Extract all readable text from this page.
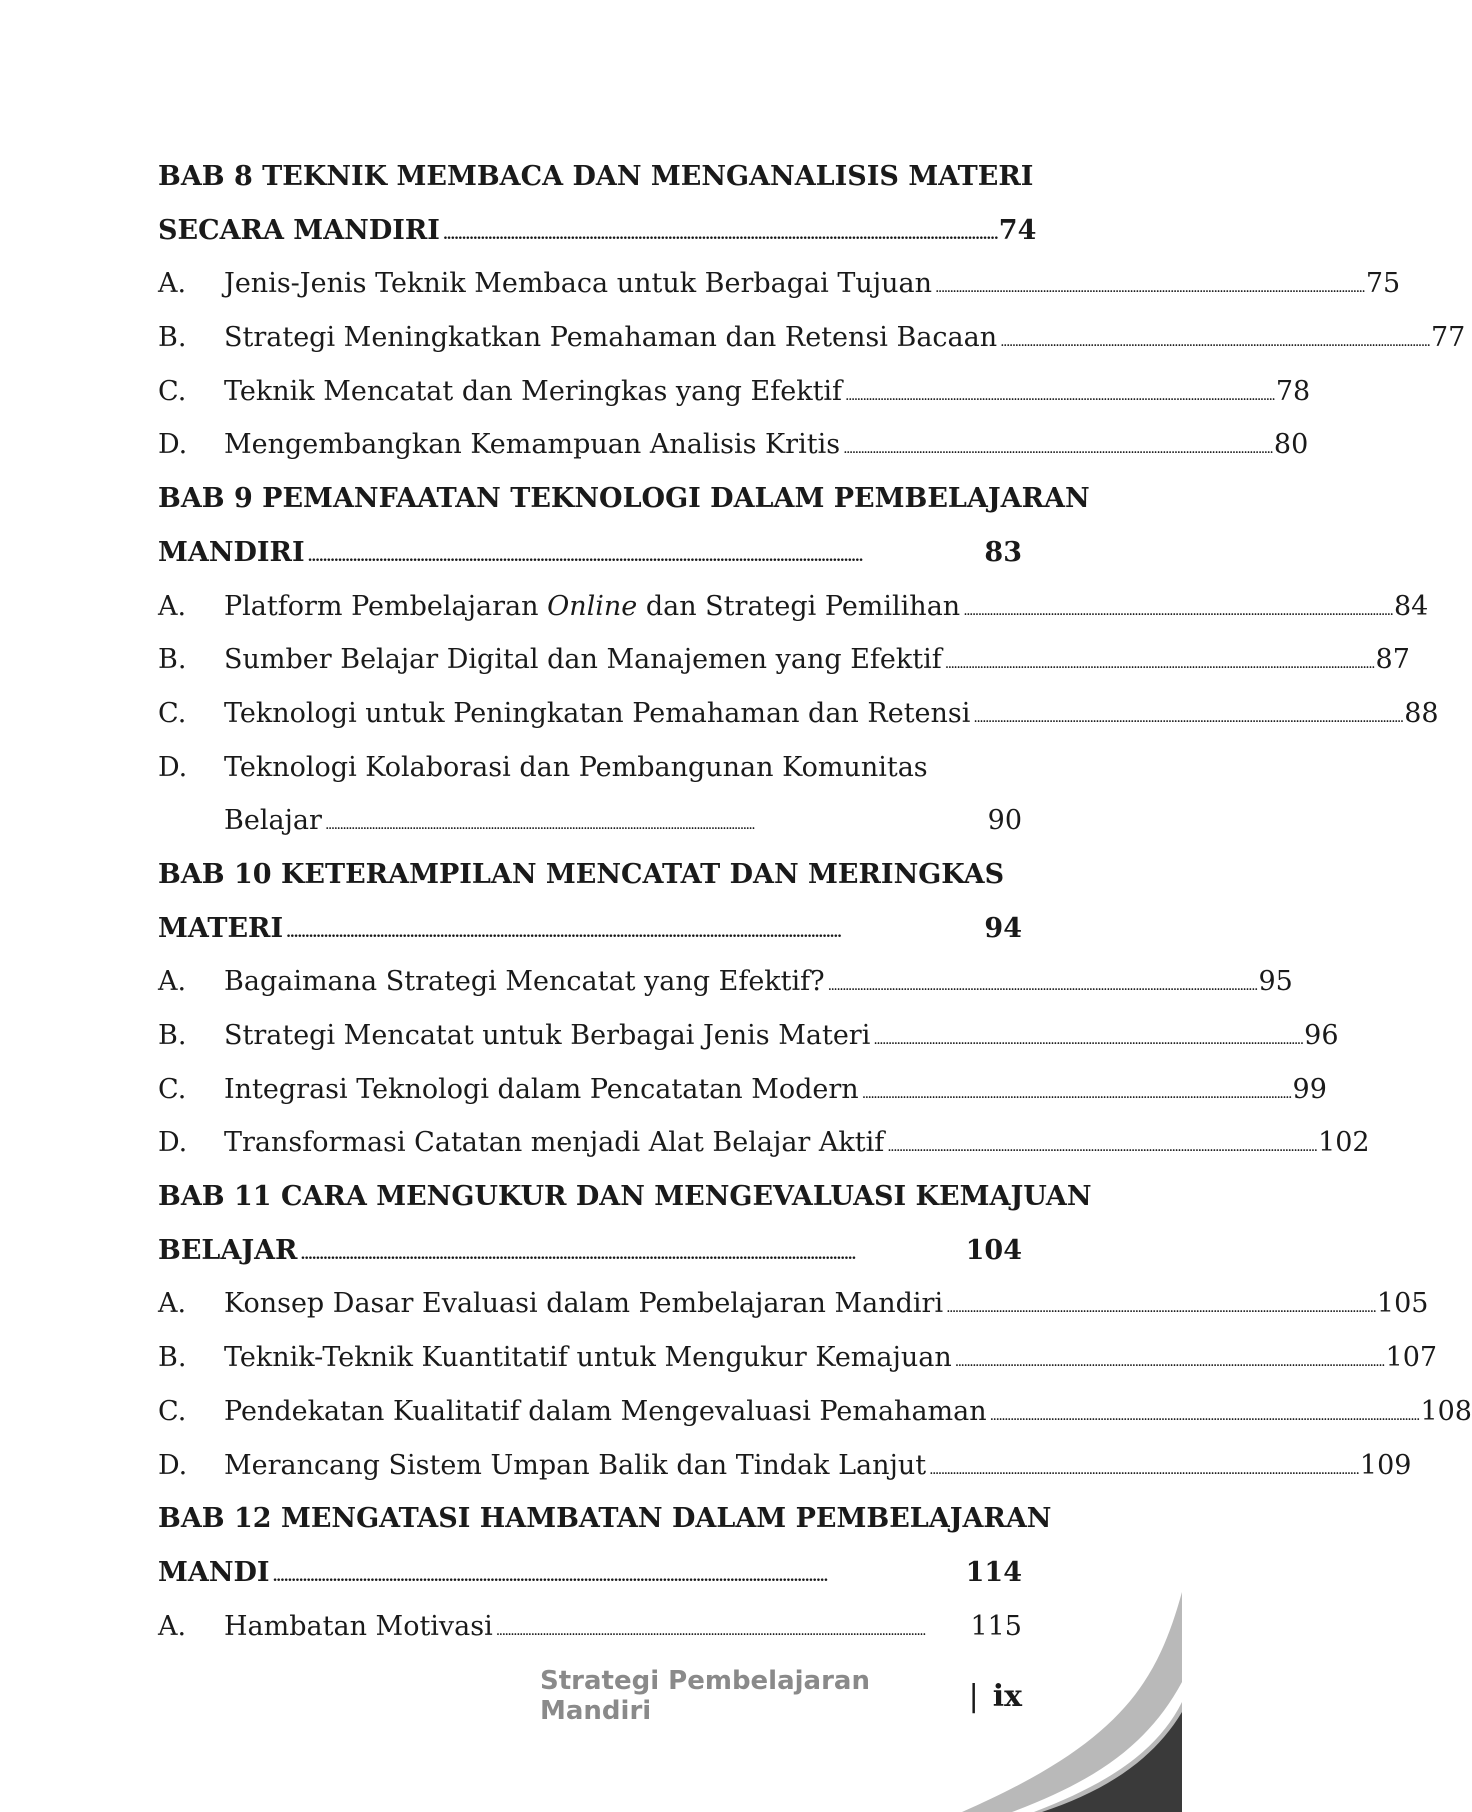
BAB 8 TEKNIK MEMBACA DAN MENGANALISIS MATERI
SECARA MANDIRI . . .	74
A.	Jenis-Jenis Teknik Membaca untuk Berbagai Tujuan . . .	75
B.	Strategi Meningkatkan Pemahaman dan Retensi Bacaan . . .	77
C.	Teknik Mencatat dan Meringkas yang Efektif . . .	78
D.	Mengembangkan Kemampuan Analisis Kritis . . .	80
BAB 9 PEMANFAATAN TEKNOLOGI DALAM PEMBELAJARAN
MANDIRI . . .	83
A.	Platform Pembelajaran Online dan Strategi Pemilihan . . .	84
B.	Sumber Belajar Digital dan Manajemen yang Efektif . . .	87
C.	Teknologi untuk Peningkatan Pemahaman dan Retensi . . .	88
D.	Teknologi Kolaborasi dan Pembangunan Komunitas
Belajar . . .	90
BAB 10 KETERAMPILAN MENCATAT DAN MERINGKAS
MATERI . . .	94
A.	Bagaimana Strategi Mencatat yang Efektif? . . .	95
B.	Strategi Mencatat untuk Berbagai Jenis Materi . . .	96
C.	Integrasi Teknologi dalam Pencatatan Modern . . .	99
D.	Transformasi Catatan menjadi Alat Belajar Aktif . . .	102
BAB 11 CARA MENGUKUR DAN MENGEVALUASI KEMAJUAN
BELAJAR . . .	104
A.	Konsep Dasar Evaluasi dalam Pembelajaran Mandiri . . .	105
B.	Teknik-Teknik Kuantitatif untuk Mengukur Kemajuan . . .	107
C.	Pendekatan Kualitatif dalam Mengevaluasi Pemahaman . . .	108
D.	Merancang Sistem Umpan Balik dan Tindak Lanjut . . .	109
BAB 12 MENGATASI HAMBATAN DALAM PEMBELAJARAN
MANDI . . .	114
A.	Hambatan Motivasi . . .	115
Strategi Pembelajaran Mandiri	| ix
